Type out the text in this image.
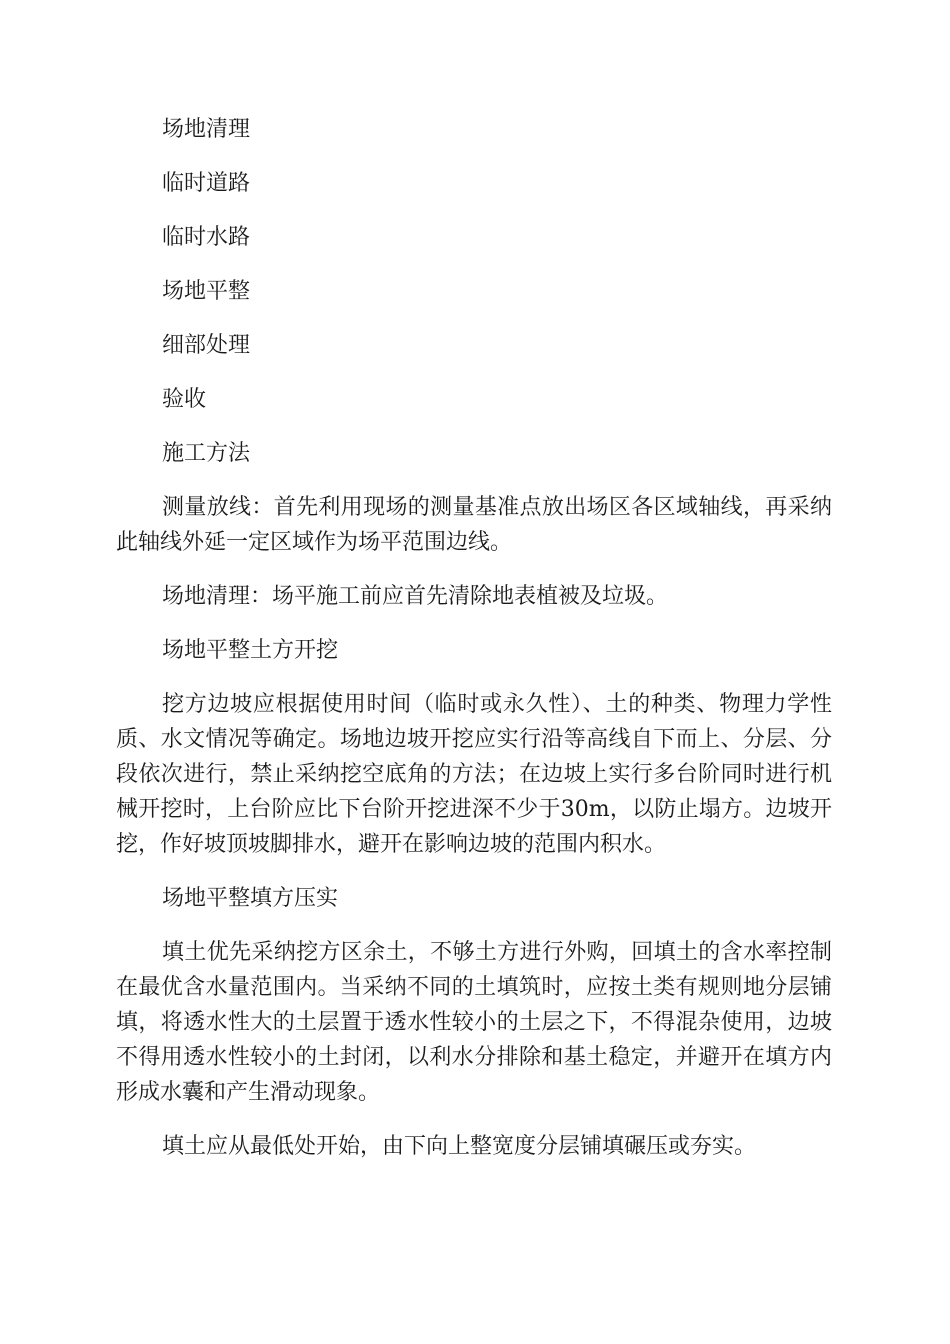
场地清理
临时道路
临时水路
场地平整
细部处理
验收
施工方法

测量放线：首先利用现场的测量基准点放出场区各区域轴线，再采纳此轴线外延一定区域作为场平范围边线。

场地清理：场平施工前应首先清除地表植被及垃圾。

场地平整土方开挖

挖方边坡应根据使用时间（临时或永久性）、土的种类、物理力学性质、水文情况等确定。场地边坡开挖应实行沿等高线自下而上、分层、分段依次进行，禁止采纳挖空底角的方法；在边坡上实行多台阶同时进行机械开挖时，上台阶应比下台阶开挖进深不少于30m，以防止塌方。边坡开挖，作好坡顶坡脚排水，避开在影响边坡的范围内积水。

场地平整填方压实

填土优先采纳挖方区余土，不够土方进行外购，回填土的含水率控制在最优含水量范围内。当采纳不同的土填筑时，应按土类有规则地分层铺填，将透水性大的土层置于透水性较小的土层之下，不得混杂使用，边坡不得用透水性较小的土封闭，以利水分排除和基土稳定，并避开在填方内形成水囊和产生滑动现象。

填土应从最低处开始，由下向上整宽度分层铺填碾压或夯实。
